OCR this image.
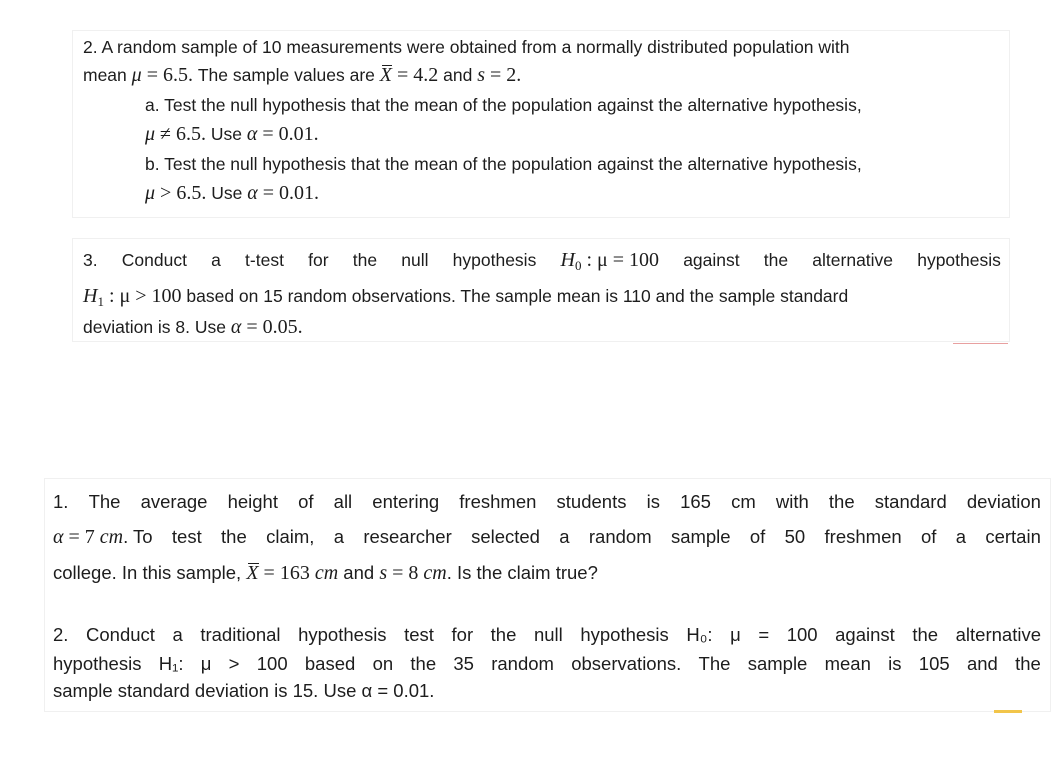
2. A random sample of 10 measurements were obtained from a normally distributed population with
mean μ = 6.5. The sample values are X = 4.2 and s = 2.
a. Test the null hypothesis that the mean of the population against the alternative hypothesis,
μ ≠ 6.5. Use α = 0.01.
b. Test the null hypothesis that the mean of the population against the alternative hypothesis,
μ > 6.5. Use α = 0.01.
3. Conduct a t-test for the null hypothesis $H_0$ : μ = 100 against the alternative hypothesis
$H_1$ : μ > 100 based on 15 random observations. The sample mean is 110 and the sample standard
deviation is 8. Use α = 0.05.
1. The average height of all entering freshmen students is 165 cm with the standard deviation
α = 7 cm. To test the claim, a researcher selected a random sample of 50 freshmen of a certain
college. In this sample, X = 163 cm and s = 8 cm. Is the claim true?
2. Conduct a traditional hypothesis test for the null hypothesis H₀: μ = 100 against the alternative
hypothesis H₁: μ > 100 based on the 35 random observations. The sample mean is 105 and the
sample standard deviation is 15. Use α = 0.01.
